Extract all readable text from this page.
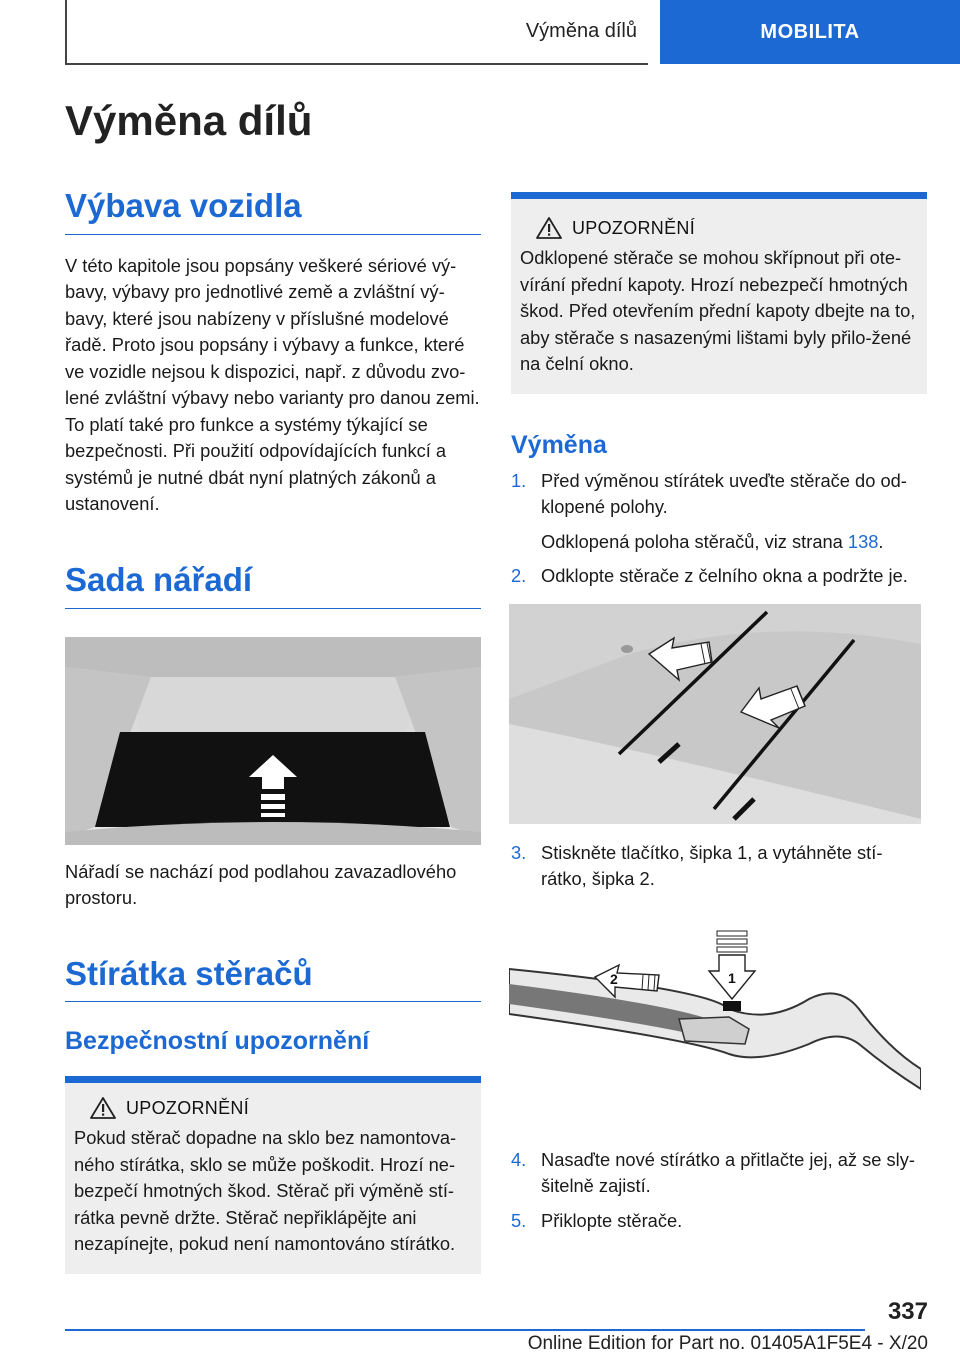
Výměna dílů	MOBILITA
Výměna dílů
Výbava vozidla

V této kapitole jsou popsány veškeré sériové vý-bavy, výbavy pro jednotlivé země a zvláštní vý-bavy, které jsou nabízeny v příslušné modelové řadě. Proto jsou popsány i výbavy a funkce, které ve vozidle nejsou k dispozici, např. z důvodu zvo-lené zvláštní výbavy nebo varianty pro danou zemi. To platí také pro funkce a systémy týkající se bezpečnosti. Při použití odpovídajících funkcí a systémů je nutné dbát nyní platných zákonů a ustanovení.

Sada nářadí

Nářadí se nachází pod podlahou zavazadlového prostoru.

Stírátka stěračů
Bezpečnostní upozornění
UPOZORNĚNÍ

Pokud stěrač dopadne na sklo bez namontova-ného stírátka, sklo se může poškodit. Hrozí ne-bezpečí hmotných škod. Stěrač při výměně stí-rátka pevně držte. Stěrač nepřiklápějte ani nezapínejte, pokud není namontováno stírátko.

UPOZORNĚNÍ

Odklopené stěrače se mohou skřípnout při ote-vírání přední kapoty. Hrozí nebezpečí hmotných škod. Před otevřením přední kapoty dbejte na to, aby stěrače s nasazenými lištami byly přilo-žené na čelní okno.

Výměna
1. Před výměnou stírátek uveďte stěrače do od-klopené polohy.

Odklopená poloha stěračů, viz strana 138.

2. Odklopte stěrače z čelního okna a podržte je.
3. Stiskněte tlačítko, šipka 1, a vytáhněte stí-rátko, šipka 2.
2	1
4. Nasaďte nové stírátko a přitlačte jej, až se sly-šitelně zajistí.
5. Přiklopte stěrače.
337
Online Edition for Part no. 01405A1F5E4 - X/20
